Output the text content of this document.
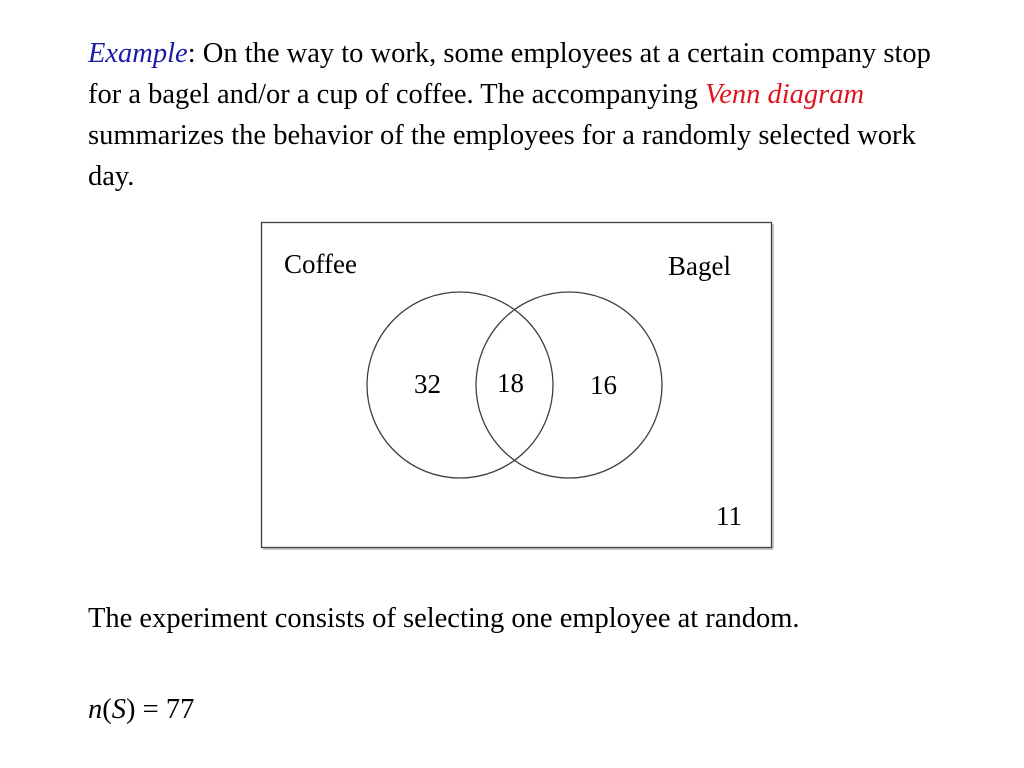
Example: On the way to work, some employees at a certain company stop for a bagel and/or a cup of coffee. The accompanying Venn diagram summarizes the behavior of the employees for a randomly selected work day.

Coffee	Bagel
32 18 16
11

The experiment consists of selecting one employee at random.

n(S) = 77
